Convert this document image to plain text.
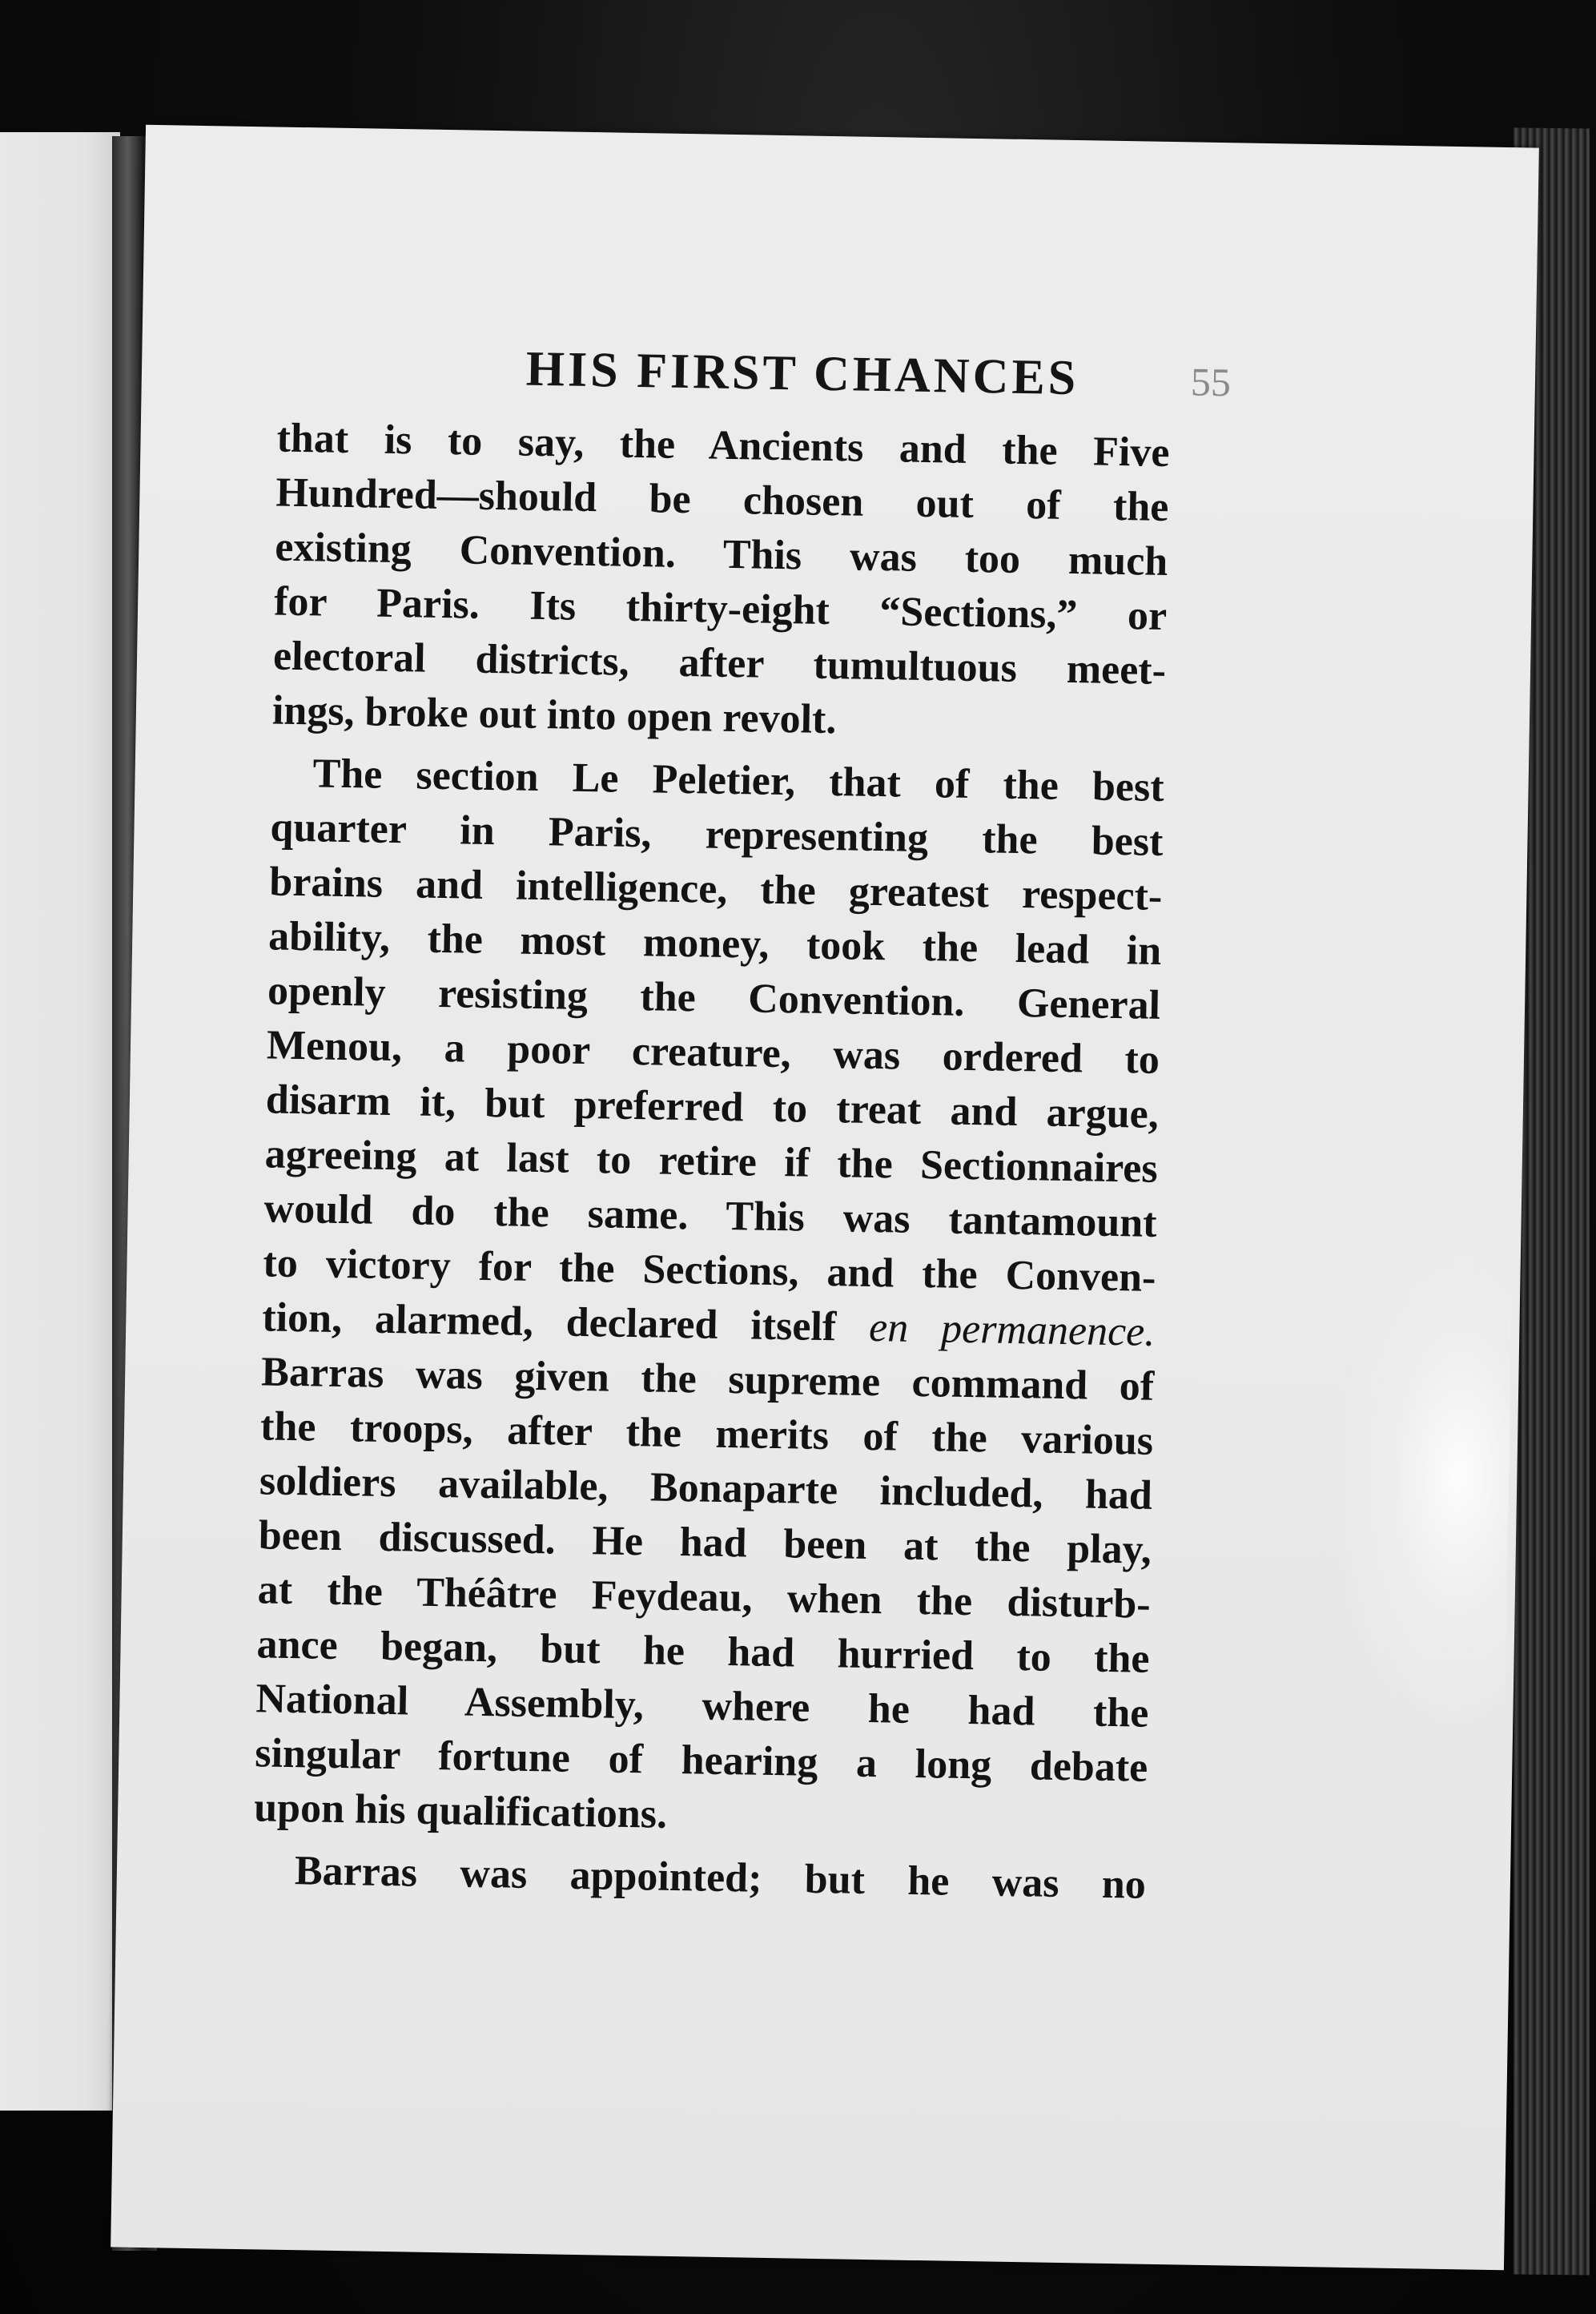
HIS FIRST CHANCES	55
that is to say, the Ancients and the Five
Hundred—should be chosen out of the
existing Convention. This was too much
for Paris. Its thirty-eight “Sections,” or
electoral districts, after tumultuous meet-
ings, broke out into open revolt.
The section Le Peletier, that of the best
quarter in Paris, representing the best
brains and intelligence, the greatest respect-
ability, the most money, took the lead in
openly resisting the Convention. General
Menou, a poor creature, was ordered to
disarm it, but preferred to treat and argue,
agreeing at last to retire if the Sectionnaires
would do the same. This was tantamount
to victory for the Sections, and the Conven-
tion, alarmed, declared itself en permanence.
Barras was given the supreme command of
the troops, after the merits of the various
soldiers available, Bonaparte included, had
been discussed. He had been at the play,
at the Théâtre Feydeau, when the disturb-
ance began, but he had hurried to the
National Assembly, where he had the
singular fortune of hearing a long debate
upon his qualifications.
Barras was appointed; but he was no
